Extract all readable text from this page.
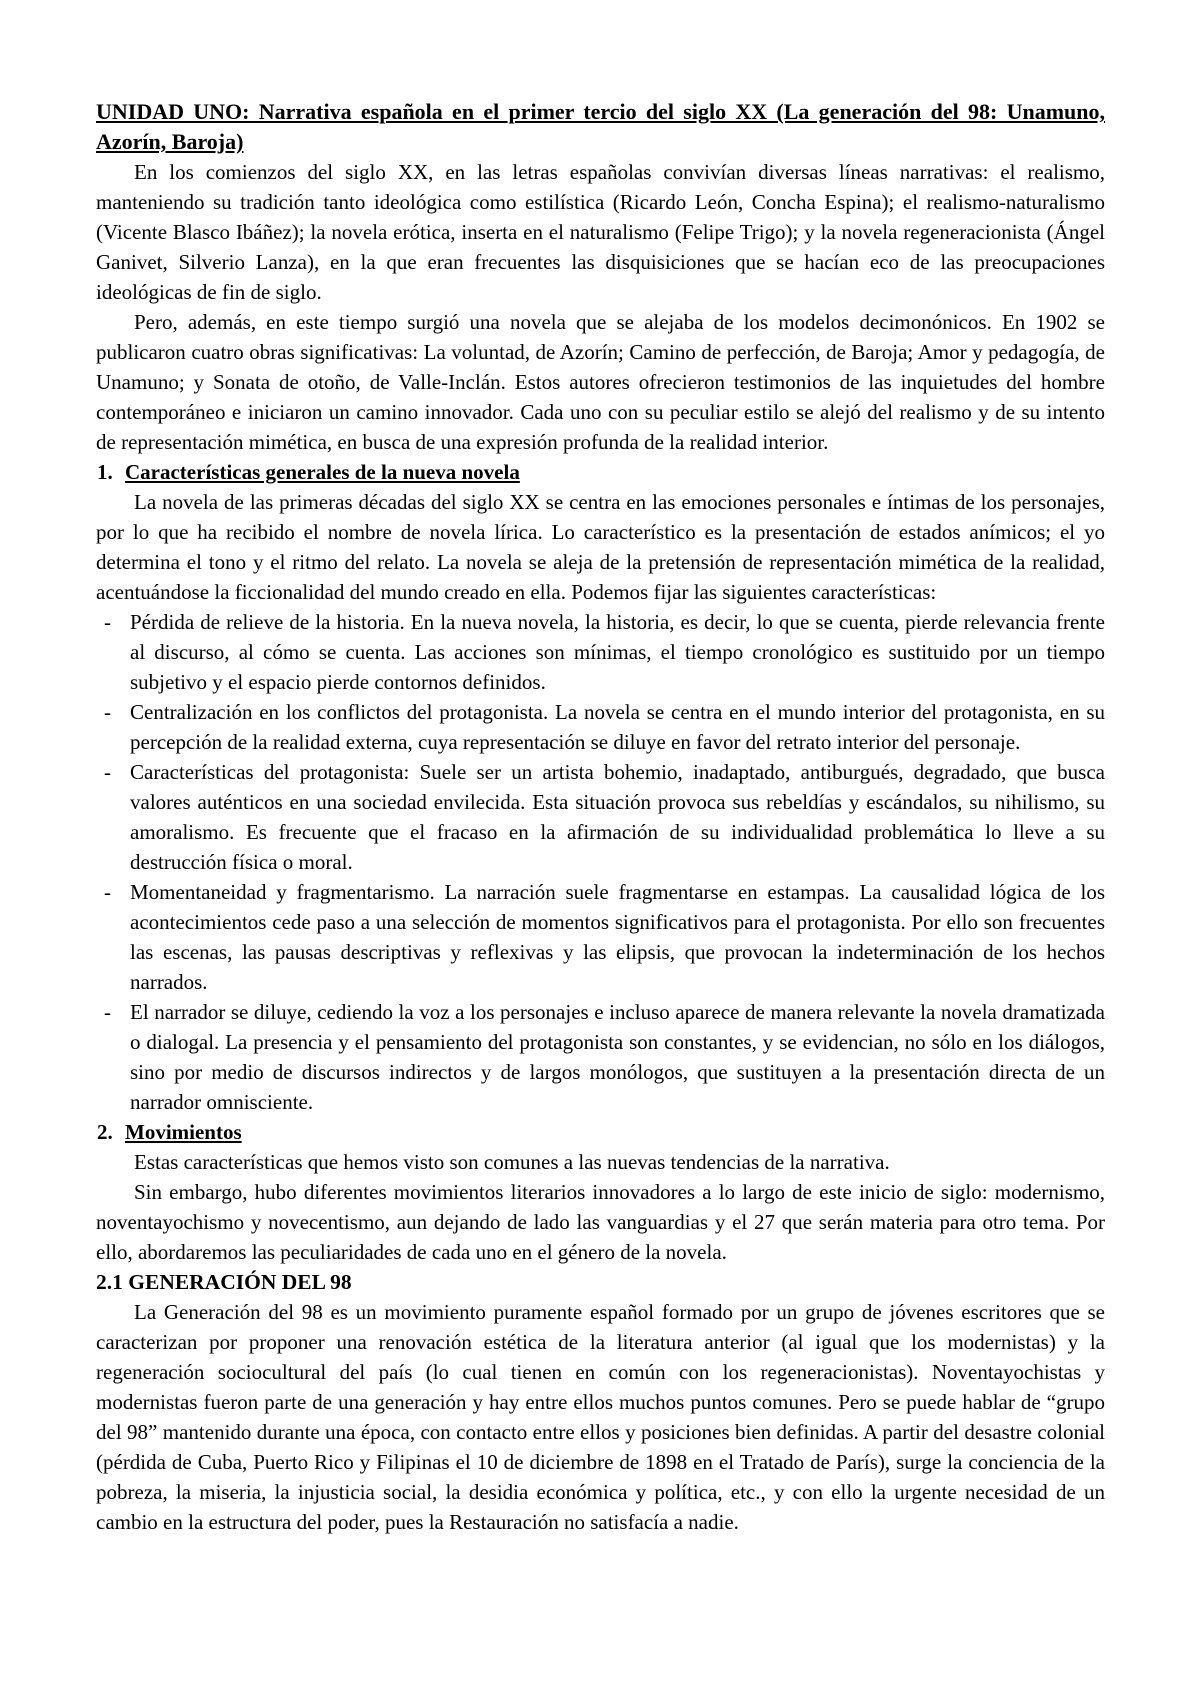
UNIDAD UNO: Narrativa española en el primer tercio del siglo XX (La generación del 98: Unamuno, Azorín, Baroja)

En los comienzos del siglo XX, en las letras españolas convivían diversas líneas narrativas: el realismo, manteniendo su tradición tanto ideológica como estilística (Ricardo León, Concha Espina); el realismo-naturalismo (Vicente Blasco Ibáñez); la novela erótica, inserta en el naturalismo (Felipe Trigo); y la novela regeneracionista (Ángel Ganivet, Silverio Lanza), en la que eran frecuentes las disquisiciones que se hacían eco de las preocupaciones ideológicas de fin de siglo.

Pero, además, en este tiempo surgió una novela que se alejaba de los modelos decimonónicos. En 1902 se publicaron cuatro obras significativas: La voluntad, de Azorín; Camino de perfección, de Baroja; Amor y pedagogía, de Unamuno; y Sonata de otoño, de Valle-Inclán. Estos autores ofrecieron testimonios de las inquietudes del hombre contemporáneo e iniciaron un camino innovador. Cada uno con su peculiar estilo se alejó del realismo y de su intento de representación mimética, en busca de una expresión profunda de la realidad interior.

1. Características generales de la nueva novela

La novela de las primeras décadas del siglo XX se centra en las emociones personales e íntimas de los personajes, por lo que ha recibido el nombre de novela lírica. Lo característico es la presentación de estados anímicos; el yo determina el tono y el ritmo del relato. La novela se aleja de la pretensión de representación mimética de la realidad, acentuándose la ficcionalidad del mundo creado en ella. Podemos fijar las siguientes características:

- Pérdida de relieve de la historia. En la nueva novela, la historia, es decir, lo que se cuenta, pierde relevancia frente al discurso, al cómo se cuenta. Las acciones son mínimas, el tiempo cronológico es sustituido por un tiempo subjetivo y el espacio pierde contornos definidos.
- Centralización en los conflictos del protagonista. La novela se centra en el mundo interior del protagonista, en su percepción de la realidad externa, cuya representación se diluye en favor del retrato interior del personaje.
- Características del protagonista: Suele ser un artista bohemio, inadaptado, antiburgués, degradado, que busca valores auténticos en una sociedad envilecida. Esta situación provoca sus rebeldías y escándalos, su nihilismo, su amoralismo. Es frecuente que el fracaso en la afirmación de su individualidad problemática lo lleve a su destrucción física o moral.
- Momentaneidad y fragmentarismo. La narración suele fragmentarse en estampas. La causalidad lógica de los acontecimientos cede paso a una selección de momentos significativos para el protagonista. Por ello son frecuentes las escenas, las pausas descriptivas y reflexivas y las elipsis, que provocan la indeterminación de los hechos narrados.
- El narrador se diluye, cediendo la voz a los personajes e incluso aparece de manera relevante la novela dramatizada o dialogal. La presencia y el pensamiento del protagonista son constantes, y se evidencian, no sólo en los diálogos, sino por medio de discursos indirectos y de largos monólogos, que sustituyen a la presentación directa de un narrador omnisciente.
2. Movimientos

Estas características que hemos visto son comunes a las nuevas tendencias de la narrativa.

Sin embargo, hubo diferentes movimientos literarios innovadores a lo largo de este inicio de siglo: modernismo, noventayochismo y novecentismo, aun dejando de lado las vanguardias y el 27 que serán materia para otro tema. Por ello, abordaremos las peculiaridades de cada uno en el género de la novela.

2.1 GENERACIÓN DEL 98

La Generación del 98 es un movimiento puramente español formado por un grupo de jóvenes escritores que se caracterizan por proponer una renovación estética de la literatura anterior (al igual que los modernistas) y la regeneración sociocultural del país (lo cual tienen en común con los regeneracionistas). Noventayochistas y modernistas fueron parte de una generación y hay entre ellos muchos puntos comunes. Pero se puede hablar de “grupo del 98” mantenido durante una época, con contacto entre ellos y posiciones bien definidas. A partir del desastre colonial (pérdida de Cuba, Puerto Rico y Filipinas el 10 de diciembre de 1898 en el Tratado de París), surge la conciencia de la pobreza, la miseria, la injusticia social, la desidia económica y política, etc., y con ello la urgente necesidad de un cambio en la estructura del poder, pues la Restauración no satisfacía a nadie.
